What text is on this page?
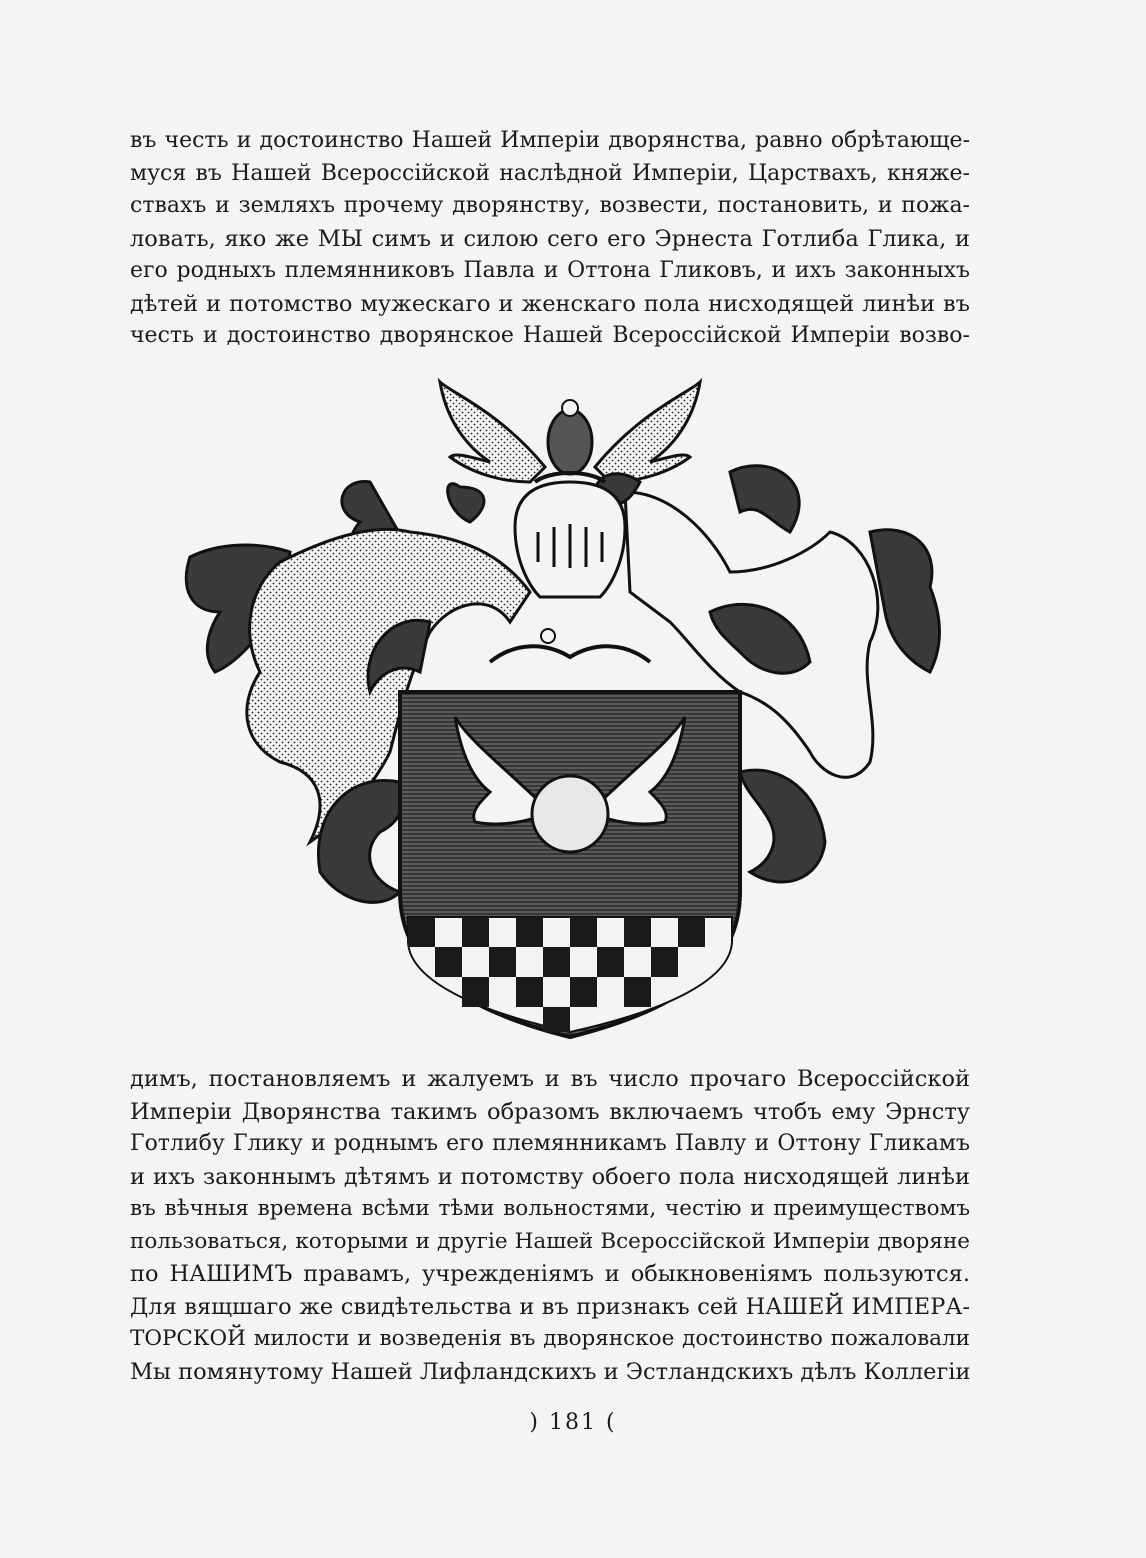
въ честь и достоинство Нашей Имперіи дворянства, равно обрѣтающе-
муся въ Нашей Всероссійской наслѣдной Имперіи, Царствахъ, княже-
ствахъ и земляхъ прочему дворянству, возвести, постановить, и пожа-
ловать, яко же МЫ симъ и силою сего его Эрнеста Готлиба Глика, и
его родныхъ племянниковъ Павла и Оттона Гликовъ, и ихъ законныхъ
дѣтей и потомство мужескаго и женскаго пола нисходящей линѣи въ
честь и достоинство дворянское Нашей Всероссійской Имперіи возво-
димъ, постановляемъ и жалуемъ и въ число прочаго Всероссійской
Имперіи Дворянства такимъ образомъ включаемъ чтобъ ему Эрнсту
Готлибу Глику и роднымъ его племянникамъ Павлу и Оттону Гликамъ
и ихъ законнымъ дѣтямъ и потомству обоего пола нисходящей линѣи
въ вѣчныя времена всѣми тѣми вольностями, честію и преимуществомъ
пользоваться, которыми и другіе Нашей Всероссійской Имперіи дворяне
по НАШИМЪ правамъ, учрежденіямъ и обыкновеніямъ пользуются.
Для вящшаго же свидѣтельства и въ признакъ сей НАШЕЙ ИМПЕРА-
ТОРСКОЙ милости и возведенія въ дворянское достоинство пожаловали
Мы помянутому Нашей Лифландскихъ и Эстландскихъ дѣлъ Коллегіи
) 181 (
